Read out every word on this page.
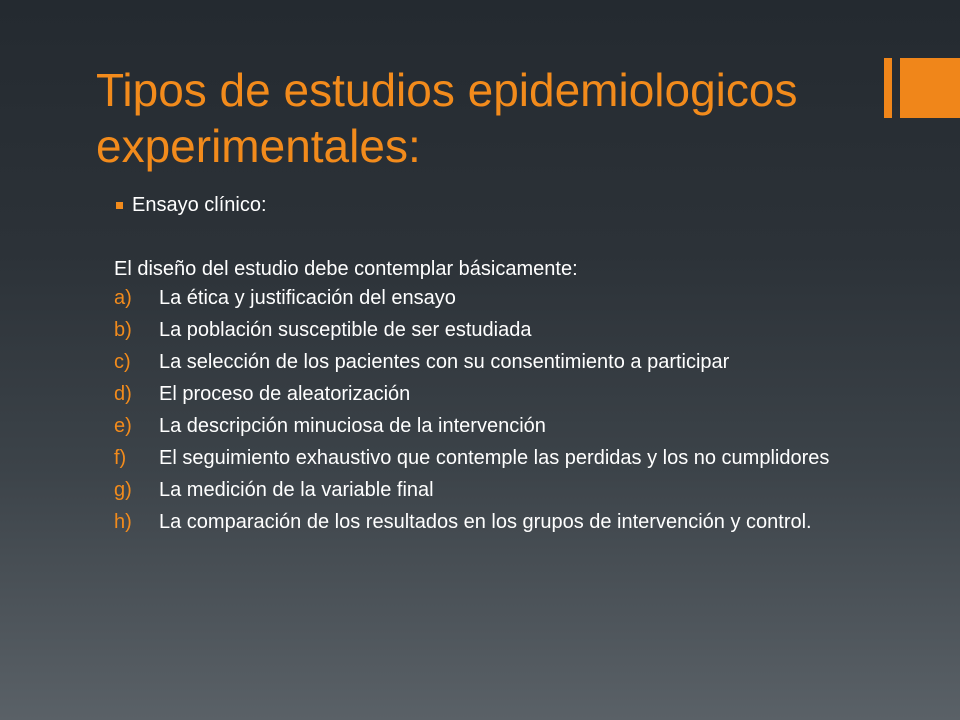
Tipos de estudios epidemiologicos experimentales:
Ensayo clínico:
El diseño del estudio debe contemplar básicamente:
a)	La ética y justificación del ensayo
b)	La población susceptible de ser estudiada
c)	La selección de los pacientes con su consentimiento a participar
d)	El proceso de aleatorización
e)	La descripción minuciosa de la intervención
f)	El seguimiento exhaustivo que contemple las perdidas y los no cumplidores
g)	La medición de la variable final
h)	La comparación de los resultados en los grupos de intervención y control.
